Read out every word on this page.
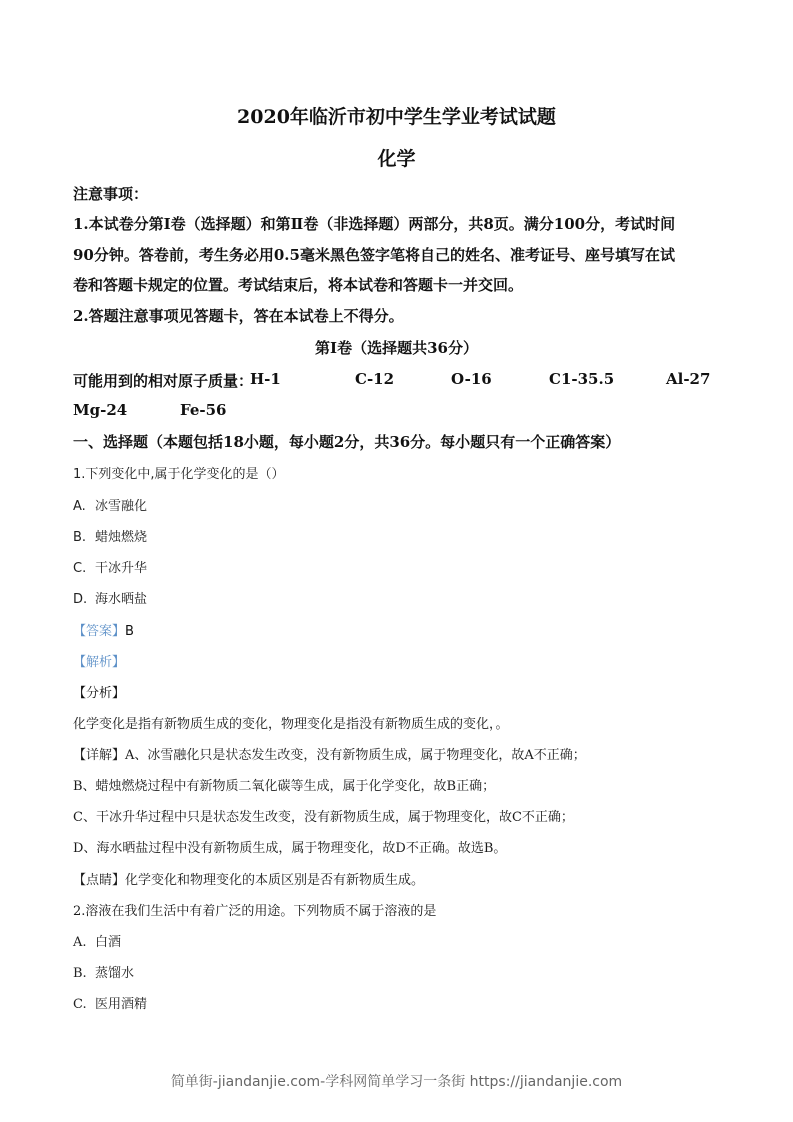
2020年临沂市初中学生学业考试试题
化学
注意事项：
1.本试卷分第Ⅰ卷（选择题）和第Ⅱ卷（非选择题）两部分，共8页。满分100分，考试时间
90分钟。答卷前，考生务必用0.5毫米黑色签字笔将自己的姓名、准考证号、座号填写在试
卷和答题卡规定的位置。考试结束后，将本试卷和答题卡一并交回。
2.答题注意事项见答题卡，答在本试卷上不得分。
第Ⅰ卷（选择题共36分）
可能用到的相对原子质量：
H-1	C-12	O-16	C1-35.5	Al-27
Mg-24	Fe-56
一、选择题（本题包括18小题，每小题2分，共36分。每小题只有一个正确答案）
1.下列变化中,属于化学变化的是（）
A. 冰雪融化
B. 蜡烛燃烧
C. 干冰升华
D. 海水晒盐
【答案】B
【解析】
【分析】
化学变化是指有新物质生成的变化，物理变化是指没有新物质生成的变化，。
【详解】A、冰雪融化只是状态发生改变，没有新物质生成，属于物理变化，故A不正确；
B、蜡烛燃烧过程中有新物质二氧化碳等生成，属于化学变化，故B正确；
C、干冰升华过程中只是状态发生改变，没有新物质生成，属于物理变化，故C不正确；
D、海水晒盐过程中没有新物质生成，属于物理变化，故D不正确。故选B。
【点睛】化学变化和物理变化的本质区别是否有新物质生成。
2.溶液在我们生活中有着广泛的用途。下列物质不属于溶液的是
A. 白酒
B. 蒸馏水
C. 医用酒精
简单街-jiandanjie.com-学科网简单学习一条街 https://jiandanjie.com
